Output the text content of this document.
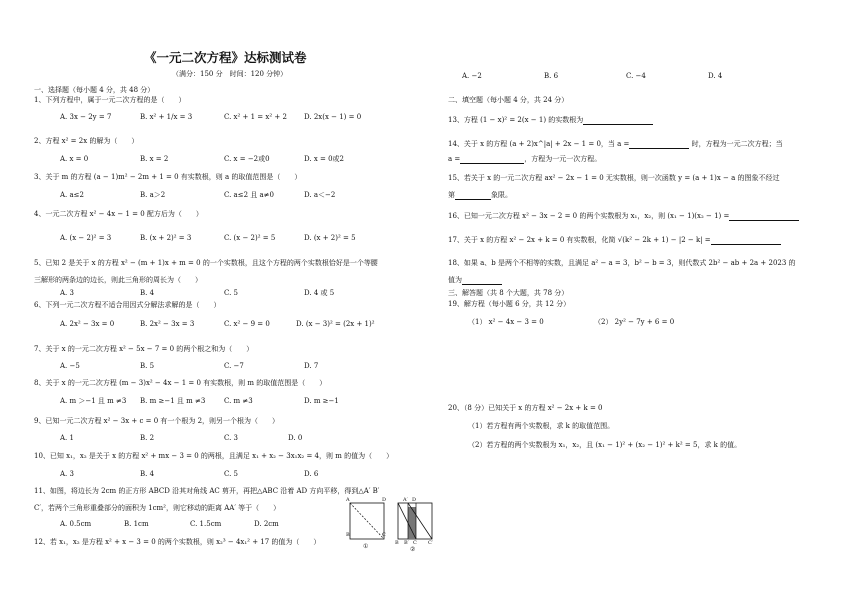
《一元二次方程》达标测试卷
（满分：150 分　时间：120 分钟）
一、选择题（每小题 4 分，共 48 分）
1、下列方程中，属于一元二次方程的是（　　）
A. 3x − 2y = 7	B. x² + 1/x = 3	C. x² + 1 = x² + 2 D. 2x(x − 1) = 0
2、方程 x² = 2x 的解为（　　）
A. x = 0	B. x = 2	C. x = −2或0	D. x = 0或2
3、关于 m 的方程 (a − 1)m² − 2m + 1 = 0 有实数根，则 a 的取值范围是（　　）
A. a≤2	B. a＞2	C. a≤2 且 a≠0	D. a＜−2
4、一元二次方程 x² − 4x − 1 = 0 配方后为（　　）
A. (x − 2)² = 3	B. (x + 2)² = 3	C. (x − 2)² = 5	D. (x + 2)² = 5
5、已知 2 是关于 x 的方程 x² − (m + 1)x + m = 0 的一个实数根，且这个方程的两个实数根恰好是一个等腰
三解形的两条边的边长，则此三角形的周长为（　　）
A. 3	B. 4	C. 5	D. 4 或 5
6、下列一元二次方程不适合用因式分解法求解的是（　　）
A. 2x² − 3x = 0	B. 2x² − 3x = 3	C. x² − 9 = 0	D. (x − 3)² = (2x + 1)²
7、关于 x 的一元二次方程 x² − 5x − 7 = 0 的两个根之和为（　　）
A. −5	B. 5	C. −7	D. 7
8、关于 x 的一元二次方程 (m − 3)x² − 4x − 1 = 0 有实数根，则 m 的取值范围是（　　）
A. m ＞−1 且 m ≠3 B. m ≥−1 且 m ≠3	C. m ≠3	D. m ≥−1
9、已知一元二次方程 x² − 3x + c = 0 有一个根为 2，则另一个根为（　　）
A. 1	B. 2	C. 3	D. 0
10、已知 x₁，x₂ 是关于 x 的方程 x² + mx − 3 = 0 的两根，且满足 x₁ + x₂ − 3x₁x₂ = 4，则 m 的值为（　　）
A. 3	B. 4	C. 5	D. 6
11、如图，将边长为 2cm 的正方形 ABCD 沿其对角线 AC 剪开，再把△ABC 沿着 AD 方向平移，得到△A′ B′
C′，若两个三角形重叠部分的面积为 1cm²，则它移动的距离 AA′ 等于（　　）
A. 0.5cm	B. 1cm	C. 1.5cm	D. 2cm
12、若 x₁，x₂ 是方程 x² + x − 3 = 0 的两个实数根，则 x₂³ − 4x₁² + 17 的值为（　　）
B	C
A	D
①	B B′ C
A′ D
C′
②
A. −2	B. 6	C. −4	D. 4
二、填空题（每小题 4 分，共 24 分）
13、方程 (1 − x)² = 2(x − 1) 的实数根为
14、关于 x 的方程 (a + 2)x^|a| + 2x − 1 = 0，当 a =	时，方程为一元二次方程；当
a =	，方程为一元一次方程。
15、若关于 x 的一元二次方程 ax² − 2x − 1 = 0 无实数根，则一次函数 y = (a + 1)x − a 的图象不经过
第	象限。
16、已知一元二次方程 x² − 3x − 2 = 0 的两个实数根为 x₁，x₂，则 (x₁ − 1)(x₂ − 1) =
17、关于 x 的方程 x² − 2x + k = 0 有实数根，化简 √(k² − 2k + 1) − |2 − k| =
18、如果 a、b 是两个不相等的实数，且满足 a² − a = 3，b² − b = 3，则代数式 2b² − ab + 2a + 2023 的
值为
三、解答题（共 8 个大题，共 78 分）
19、解方程（每小题 6 分，共 12 分）
（1） x² − 4x − 3 = 0	（2） 2y² − 7y + 6 = 0
20、（8 分）已知关于 x 的方程 x² − 2x + k = 0
（1）若方程有两个实数根，求 k 的取值范围。
（2）若方程的两个实数根为 x₁，x₂，且 (x₁ − 1)² + (x₂ − 1)² + k² = 5，求 k 的值。
